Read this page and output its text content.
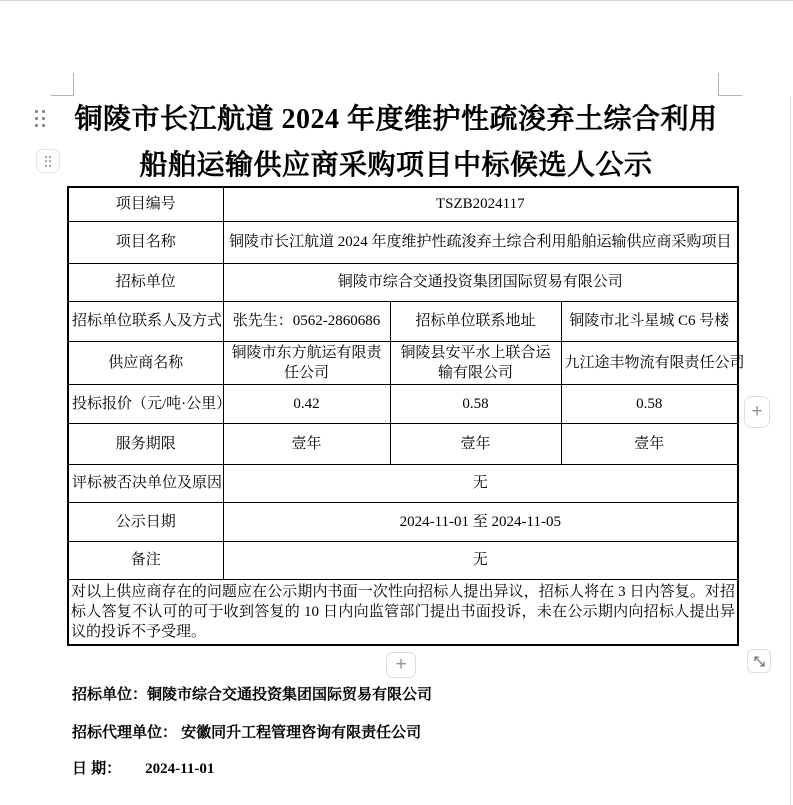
铜陵市长江航道 2024 年度维护性疏浚弃土综合利用
船舶运输供应商采购项目中标候选人公示
项目编号	TSZB2024117		
项目名称	铜陵市长江航道 2024 年度维护性疏浚弃土综合利用船舶运输供应商采购项目		
招标单位	铜陵市综合交通投资集团国际贸易有限公司		
招标单位联系人及方式	张先生：0562-2860686	招标单位联系地址	铜陵市北斗星城 C6 号楼
供应商名称	铜陵市东方航运有限责任公司	铜陵县安平水上联合运输有限公司	九江途丰物流有限责任公司
投标报价（元/吨·公里）	0.42	0.58	0.58
服务期限	壹年	壹年	壹年
评标被否决单位及原因	无		
公示日期	2024-11-01 至 2024-11-05		
备注	无		
对以上供应商存在的问题应在公示期内书面一次性向招标人提出异议，招标人将在 3 日内答复。对招标人答复不认可的可于收到答复的 10 日内向监管部门提出书面投诉，未在公示期内向招标人提出异议的投诉不予受理。			
+
+
招标单位：铜陵市综合交通投资集团国际贸易有限公司
招标代理单位： 安徽同升工程管理咨询有限责任公司
日 期： 2024-11-01
